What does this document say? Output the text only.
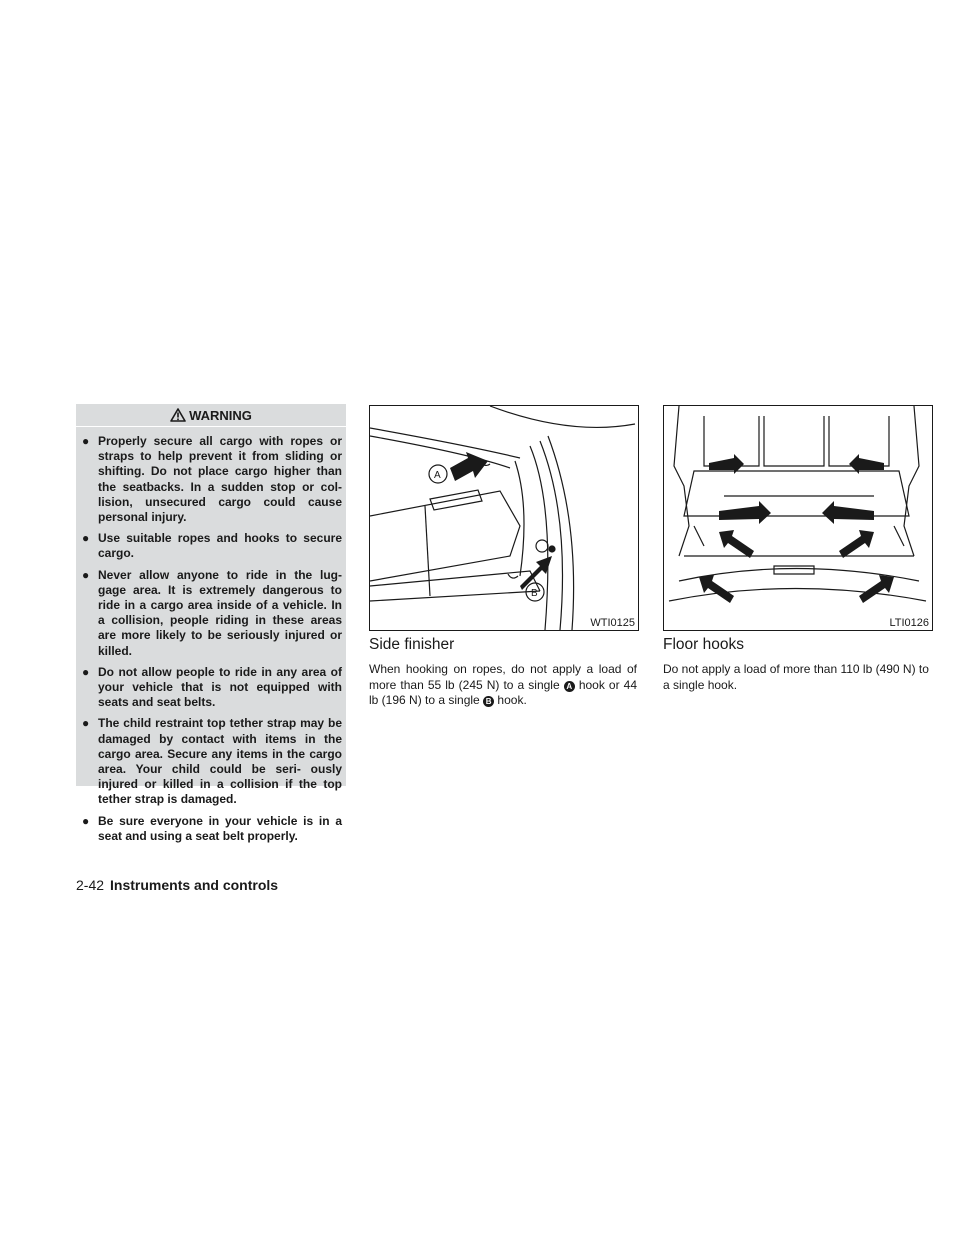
WARNING
● Properly secure all cargo with ropes or straps to help prevent it from sliding or shifting. Do not place cargo higher than the seatbacks. In a sudden stop or col- lision, unsecured cargo could cause personal injury.
● Use suitable ropes and hooks to secure cargo.
● Never allow anyone to ride in the lug- gage area. It is extremely dangerous to ride in a cargo area inside of a vehicle. In a collision, people riding in these areas are more likely to be seriously injured or killed.
● Do not allow people to ride in any area of your vehicle that is not equipped with seats and seat belts.
● The child restraint top tether strap may be damaged by contact with items in the cargo area. Secure any items in the cargo area. Your child could be seri- ously injured or killed in a collision if the top tether strap is damaged.
● Be sure everyone in your vehicle is in a seat and using a seat belt properly.
A
B
WTI0125
Side finisher

When hooking on ropes, do not apply a load of more than 55 lb (245 N) to a single A hook or 44 lb (196 N) to a single B hook.

LTI0126
Floor hooks

Do not apply a load of more than 110 lb (490 N) to a single hook.

2-42 Instruments and controls
